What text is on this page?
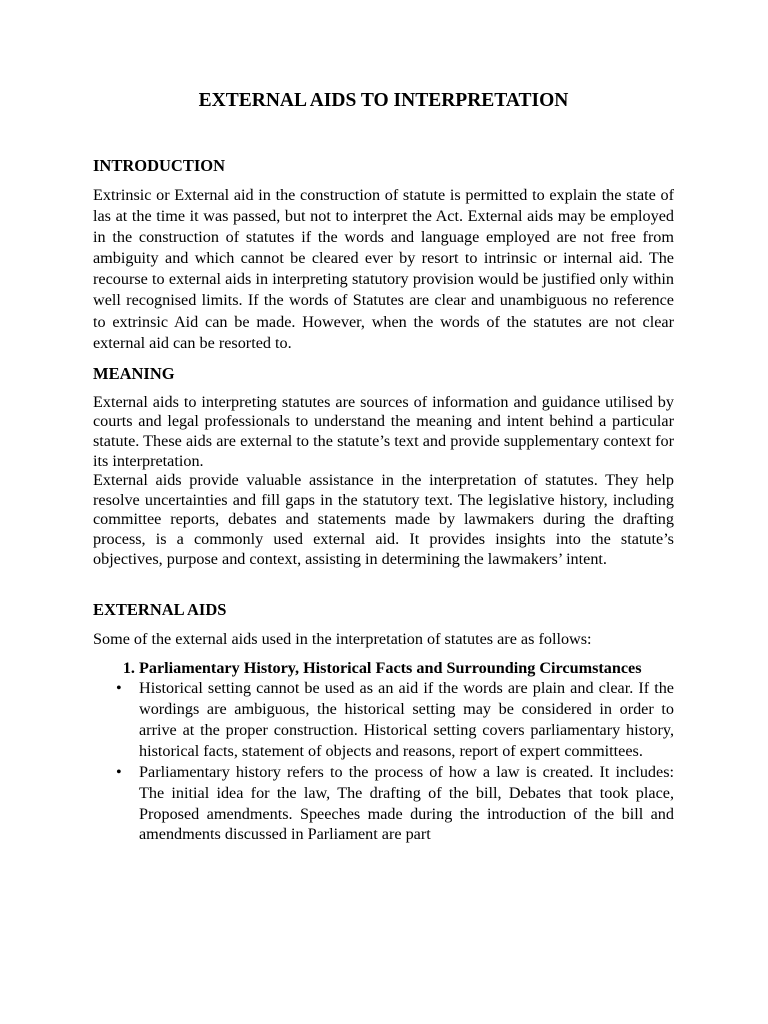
EXTERNAL AIDS TO INTERPRETATION
INTRODUCTION

Extrinsic or External aid in the construction of statute is permitted to explain the state of las at the time it was passed, but not to interpret the Act. External aids may be employed in the construction of statutes if the words and language employed are not free from ambiguity and which cannot be cleared ever by resort to intrinsic or internal aid. The recourse to external aids in interpreting statutory provision would be justified only within well recognised limits. If the words of Statutes are clear and unambiguous no reference to extrinsic Aid can be made. However, when the words of the statutes are not clear external aid can be resorted to.

MEANING

External aids to interpreting statutes are sources of information and guidance utilised by courts and legal professionals to understand the meaning and intent behind a particular statute. These aids are external to the statute’s text and provide supplementary context for its interpretation.

External aids provide valuable assistance in the interpretation of statutes. They help resolve uncertainties and fill gaps in the statutory text. The legislative history, including committee reports, debates and statements made by lawmakers during the drafting process, is a commonly used external aid. It provides insights into the statute’s objectives, purpose and context, assisting in determining the lawmakers’ intent.

EXTERNAL AIDS

Some of the external aids used in the interpretation of statutes are as follows:

1. Parliamentary History, Historical Facts and Surrounding Circumstances
• Historical setting cannot be used as an aid if the words are plain and clear. If the wordings are ambiguous, the historical setting may be considered in order to arrive at the proper construction. Historical setting covers parliamentary history, historical facts, statement of objects and reasons, report of expert committees.
• Parliamentary history refers to the process of how a law is created. It includes: The initial idea for the law, The drafting of the bill, Debates that took place, Proposed amendments. Speeches made during the introduction of the bill and amendments discussed in Parliament are part
